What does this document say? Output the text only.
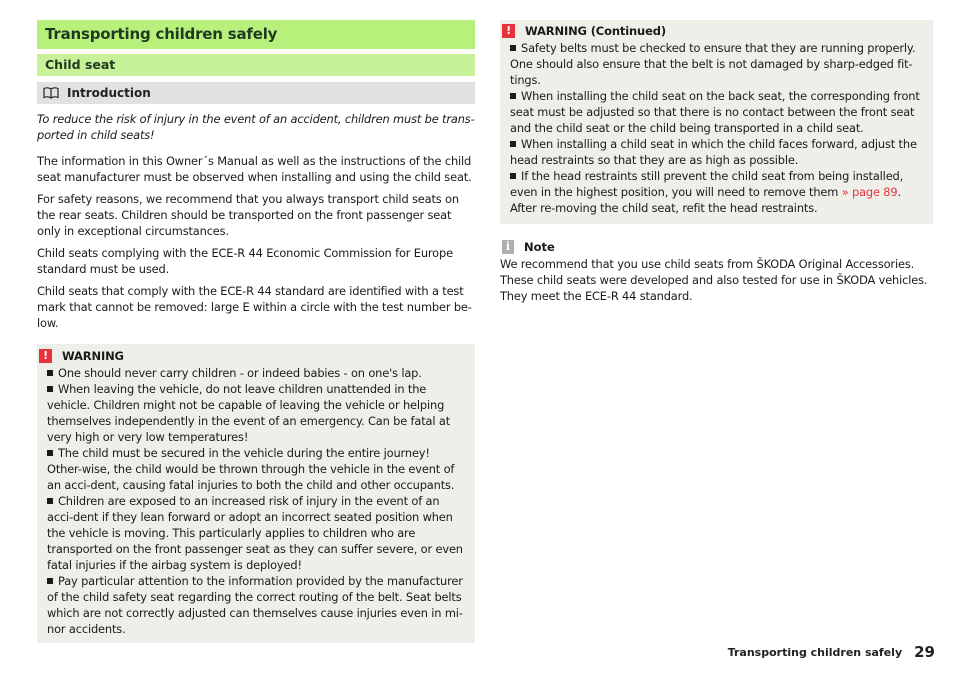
Transporting children safely
Child seat
Introduction

To reduce the risk of injury in the event of an accident, children must be trans-ported in child seats!

The information in this Owner´s Manual as well as the instructions of the child seat manufacturer must be observed when installing and using the child seat.

For safety reasons, we recommend that you always transport child seats on the rear seats. Children should be transported on the front passenger seat only in exceptional circumstances.

Child seats complying with the ECE-R 44 Economic Commission for Europe standard must be used.

Child seats that comply with the ECE-R 44 standard are identified with a test mark that cannot be removed: large E within a circle with the test number be-low.

!	WARNING

One should never carry children - or indeed babies - on one's lap.

When leaving the vehicle, do not leave children unattended in the vehicle. Children might not be capable of leaving the vehicle or helping themselves independently in the event of an emergency. Can be fatal at very high or very low temperatures!

The child must be secured in the vehicle during the entire journey! Other-wise, the child would be thrown through the vehicle in the event of an acci-dent, causing fatal injuries to both the child and other occupants.

Children are exposed to an increased risk of injury in the event of an acci-dent if they lean forward or adopt an incorrect seated position when the vehicle is moving. This particularly applies to children who are transported on the front passenger seat as they can suffer severe, or even fatal injuries if the airbag system is deployed!

Pay particular attention to the information provided by the manufacturer of the child safety seat regarding the correct routing of the belt. Seat belts which are not correctly adjusted can themselves cause injuries even in mi-nor accidents.

!	WARNING (Continued)

Safety belts must be checked to ensure that they are running properly. One should also ensure that the belt is not damaged by sharp-edged fit-tings.

When installing the child seat on the back seat, the corresponding front seat must be adjusted so that there is no contact between the front seat and the child seat or the child being transported in a child seat.

When installing a child seat in which the child faces forward, adjust the head restraints so that they are as high as possible.

If the head restraints still prevent the child seat from being installed, even in the highest position, you will need to remove them » page 89. After re-moving the child seat, refit the head restraints.

i	Note

We recommend that you use child seats from ŠKODA Original Accessories. These child seats were developed and also tested for use in ŠKODA vehicles. They meet the ECE-R 44 standard.

Transporting children safely 29
